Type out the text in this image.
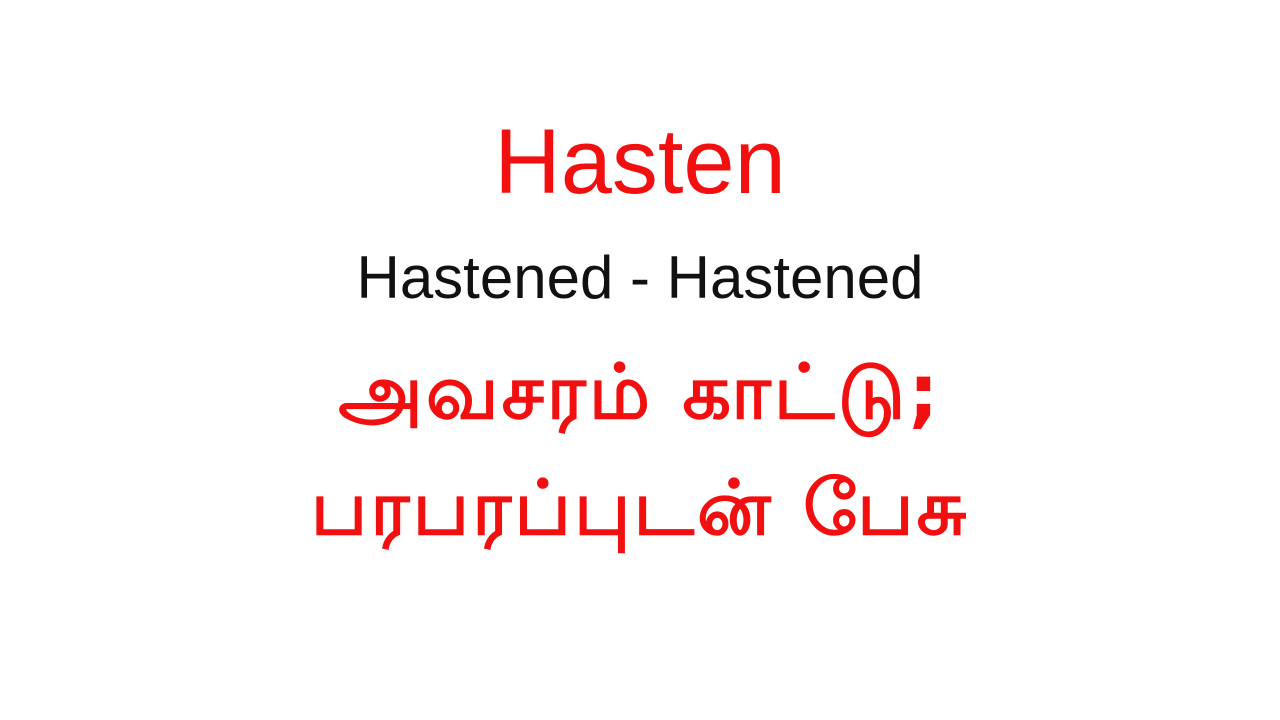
Hasten
Hastened - Hastened
அவசரம் காட்டு;
பரபரப்புடன் பேசு
